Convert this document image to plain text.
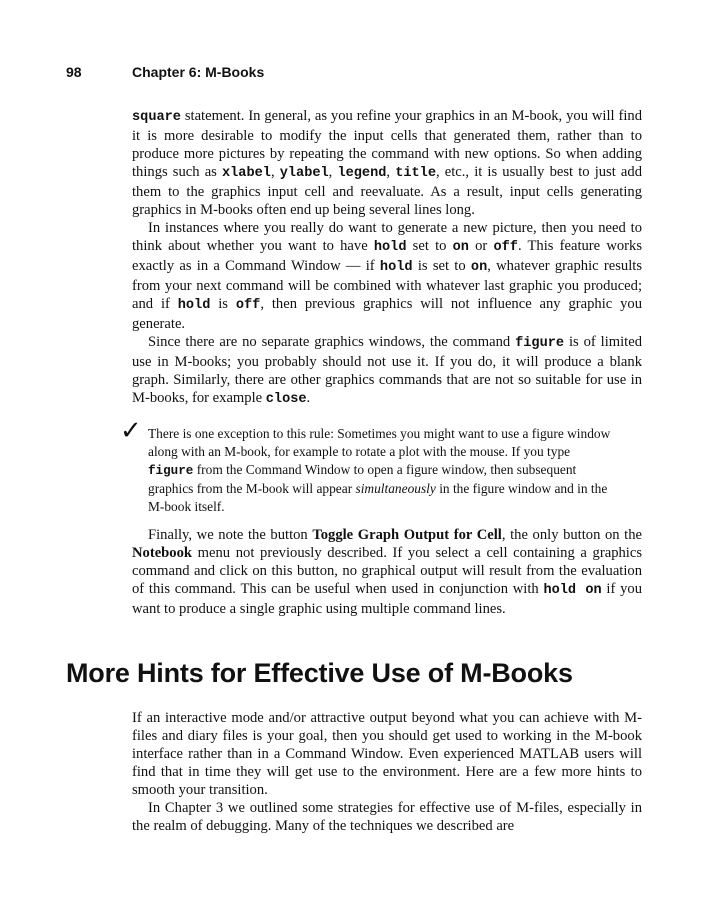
98	Chapter 6: M-Books

square statement. In general, as you refine your graphics in an M-book, you will find it is more desirable to modify the input cells that generated them, rather than to produce more pictures by repeating the command with new options. So when adding things such as xlabel, ylabel, legend, title, etc., it is usually best to just add them to the graphics input cell and reevaluate. As a result, input cells generating graphics in M-books often end up being several lines long.

In instances where you really do want to generate a new picture, then you need to think about whether you want to have hold set to on or off. This feature works exactly as in a Command Window — if hold is set to on, whatever graphic results from your next command will be combined with whatever last graphic you produced; and if hold is off, then previous graphics will not influence any graphic you generate.

Since there are no separate graphics windows, the command figure is of limited use in M-books; you probably should not use it. If you do, it will produce a blank graph. Similarly, there are other graphics commands that are not so suitable for use in M-books, for example close.

✓ There is one exception to this rule: Sometimes you might want to use a figure window along with an M-book, for example to rotate a plot with the mouse. If you type figure from the Command Window to open a figure window, then subsequent graphics from the M-book will appear simultaneously in the figure window and in the M-book itself.

Finally, we note the button Toggle Graph Output for Cell, the only button on the Notebook menu not previously described. If you select a cell containing a graphics command and click on this button, no graphical output will result from the evaluation of this command. This can be useful when used in conjunction with hold on if you want to produce a single graphic using multiple command lines.

More Hints for Effective Use of M-Books

If an interactive mode and/or attractive output beyond what you can achieve with M-files and diary files is your goal, then you should get used to working in the M-book interface rather than in a Command Window. Even experienced MATLAB users will find that in time they will get use to the environment. Here are a few more hints to smooth your transition.

In Chapter 3 we outlined some strategies for effective use of M-files, especially in the realm of debugging. Many of the techniques we described are
